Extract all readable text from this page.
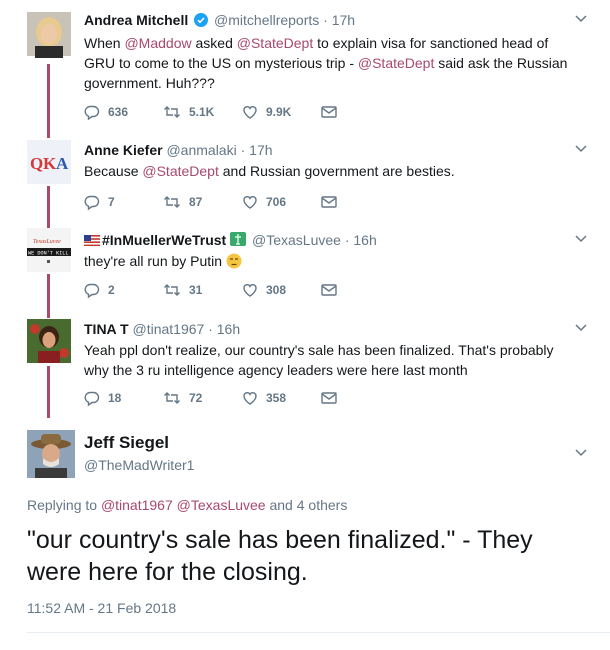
Andrea Mitchell @mitchellreports · 17h
When @Maddow asked @StateDept to explain visa for sanctioned head of GRU to come to the US on mysterious trip - @StateDept said ask the Russian government. Huh???
636	5.1K	9.9K
Q K A
Anne Kiefer @anmalaki · 17h
Because @StateDept and Russian government are besties.
7	87	706
TexasLuvee
WE DON'T KILL BE
#InMuellerWeTrust @TexasLuvee · 16h
they're all run by Putin
2	31	308
TINA T @tinat1967 · 16h
Yeah ppl don't realize, our country's sale has been finalized. That's probably why the 3 ru intelligence agency leaders were here last month
18	72	358
Jeff Siegel
@TheMadWriter1
Replying to @tinat1967 @TexasLuvee and 4 others
"our country's sale has been finalized." - They were here for the closing.
11:52 AM - 21 Feb 2018
